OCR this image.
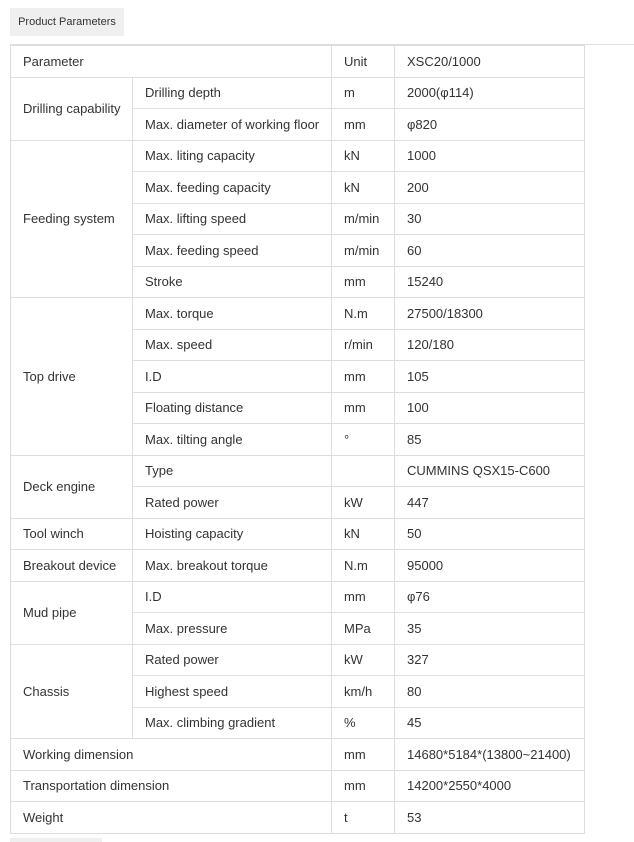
Product Parameters
Parameter		Unit	XSC20/1000
Drilling capability	Drilling depth	m	2000(φ114)
	Max. diameter of working floor	mm	φ820
Feeding system	Max. liting capacity	kN	1000
	Max. feeding capacity	kN	200
	Max. lifting speed	m/min	30
	Max. feeding speed	m/min	60
	Stroke	mm	15240
Top drive	Max. torque	N.m	27500/18300
	Max. speed	r/min	120/180
	I.D	mm	105
	Floating distance	mm	100
	Max. tilting angle	°	85
Deck engine	Type		CUMMINS QSX15-C600
	Rated power	kW	447
Tool winch	Hoisting capacity	kN	50
Breakout device	Max. breakout torque	N.m	95000
Mud pipe	I.D	mm	φ76
	Max. pressure	MPa	35
Chassis	Rated power	kW	327
	Highest speed	km/h	80
	Max. climbing gradient	%	45
Working dimension		mm	14680*5184*(13800~21400)
Transportation dimension		mm	14200*2550*4000
Weight		t	53
